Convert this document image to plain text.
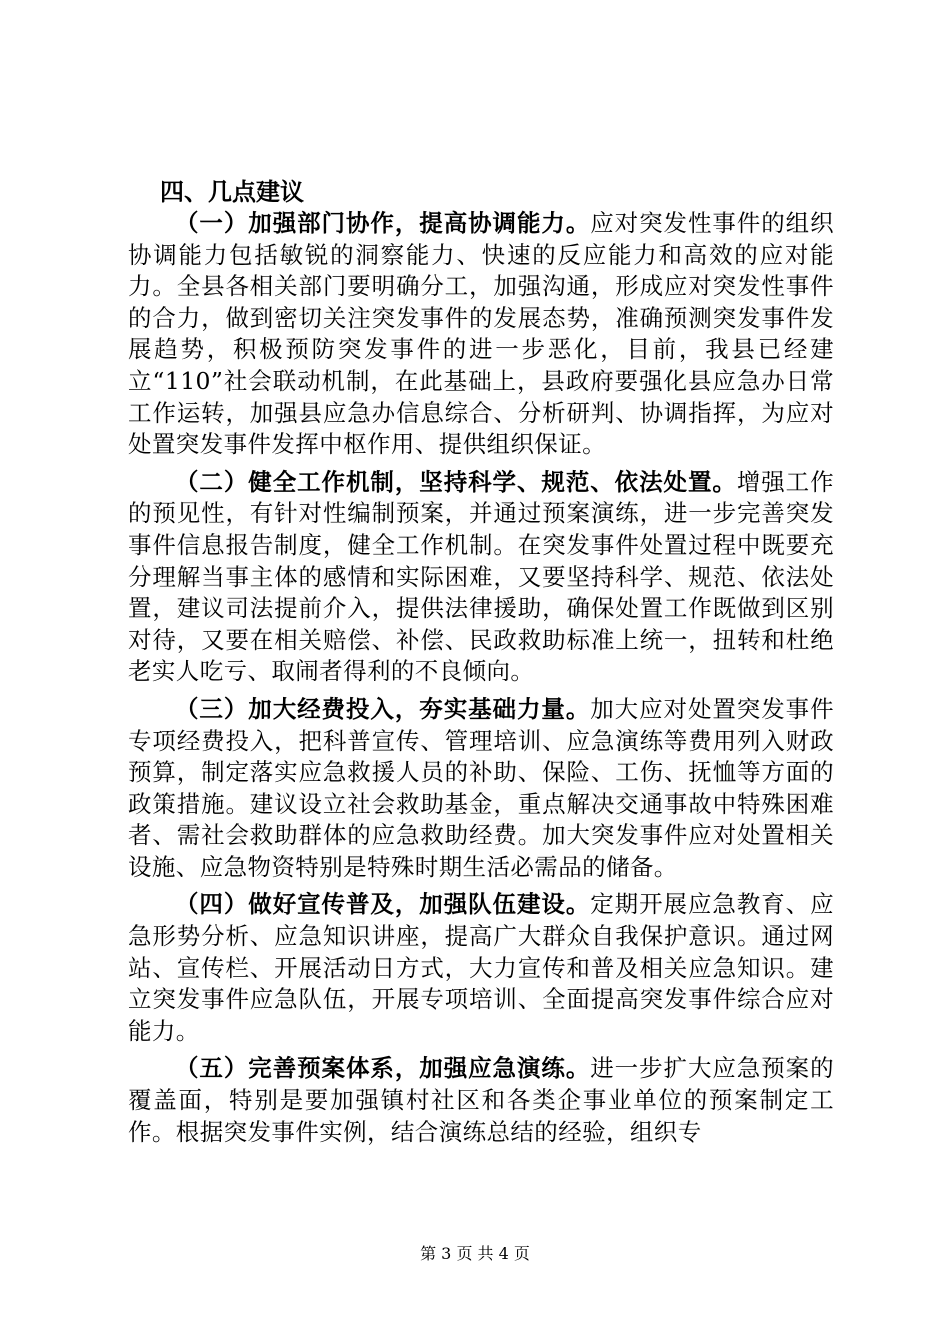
四、几点建议

（一）加强部门协作，提高协调能力。应对突发性事件的组织协调能力包括敏锐的洞察能力、快速的反应能力和高效的应对能力。全县各相关部门要明确分工，加强沟通，形成应对突发性事件的合力，做到密切关注突发事件的发展态势，准确预测突发事件发展趋势，积极预防突发事件的进一步恶化，目前，我县已经建立“110”社会联动机制，在此基础上，县政府要强化县应急办日常工作运转，加强县应急办信息综合、分析研判、协调指挥，为应对处置突发事件发挥中枢作用、提供组织保证。

（二）健全工作机制，坚持科学、规范、依法处置。增强工作的预见性，有针对性编制预案，并通过预案演练，进一步完善突发事件信息报告制度，健全工作机制。在突发事件处置过程中既要充分理解当事主体的感情和实际困难，又要坚持科学、规范、依法处置，建议司法提前介入，提供法律援助，确保处置工作既做到区别对待，又要在相关赔偿、补偿、民政救助标准上统一，扭转和杜绝老实人吃亏、取闹者得利的不良倾向。

（三）加大经费投入，夯实基础力量。加大应对处置突发事件专项经费投入，把科普宣传、管理培训、应急演练等费用列入财政预算，制定落实应急救援人员的补助、保险、工伤、抚恤等方面的政策措施。建议设立社会救助基金，重点解决交通事故中特殊困难者、需社会救助群体的应急救助经费。加大突发事件应对处置相关设施、应急物资特别是特殊时期生活必需品的储备。

（四）做好宣传普及，加强队伍建设。定期开展应急教育、应急形势分析、应急知识讲座，提高广大群众自我保护意识。通过网站、宣传栏、开展活动日方式，大力宣传和普及相关应急知识。建立突发事件应急队伍，开展专项培训、全面提高突发事件综合应对能力。

（五）完善预案体系，加强应急演练。进一步扩大应急预案的覆盖面，特别是要加强镇村社区和各类企事业单位的预案制定工作。根据突发事件实例，结合演练总结的经验，组织专

第 3 页 共 4 页
